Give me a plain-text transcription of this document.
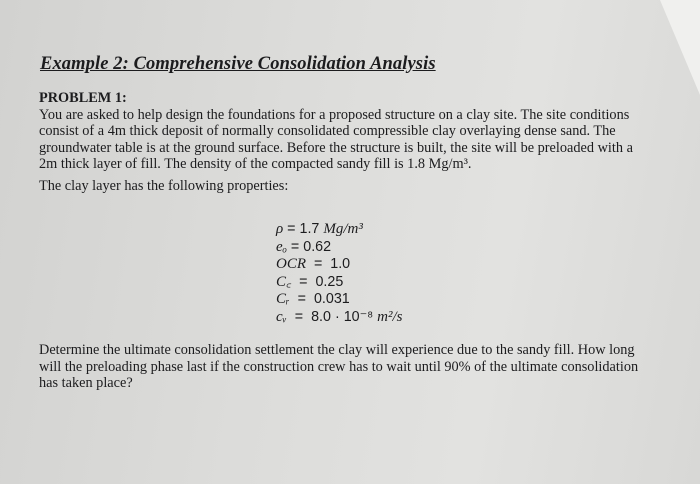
Example 2: Comprehensive Consolidation Analysis

PROBLEM 1:

You are asked to help design the foundations for a proposed structure on a clay site. The site conditions consist of a 4m thick deposit of normally consolidated compressible clay overlaying dense sand. The groundwater table is at the ground surface. Before the structure is built, the site will be preloaded with a 2m thick layer of fill. The density of the compacted sandy fill is 1.8 Mg/m³.

The clay layer has the following properties:

ρ = 1.7 Mg/m³
eₒ = 0.62
OCR  =  1.0
C꜀  =  0.25
Cᵣ  =  0.031
cᵥ  =  8.0 · 10⁻⁸ m²/s

Determine the ultimate consolidation settlement the clay will experience due to the sandy fill. How long will the preloading phase last if the construction crew has to wait until 90% of the ultimate consolidation has taken place?
